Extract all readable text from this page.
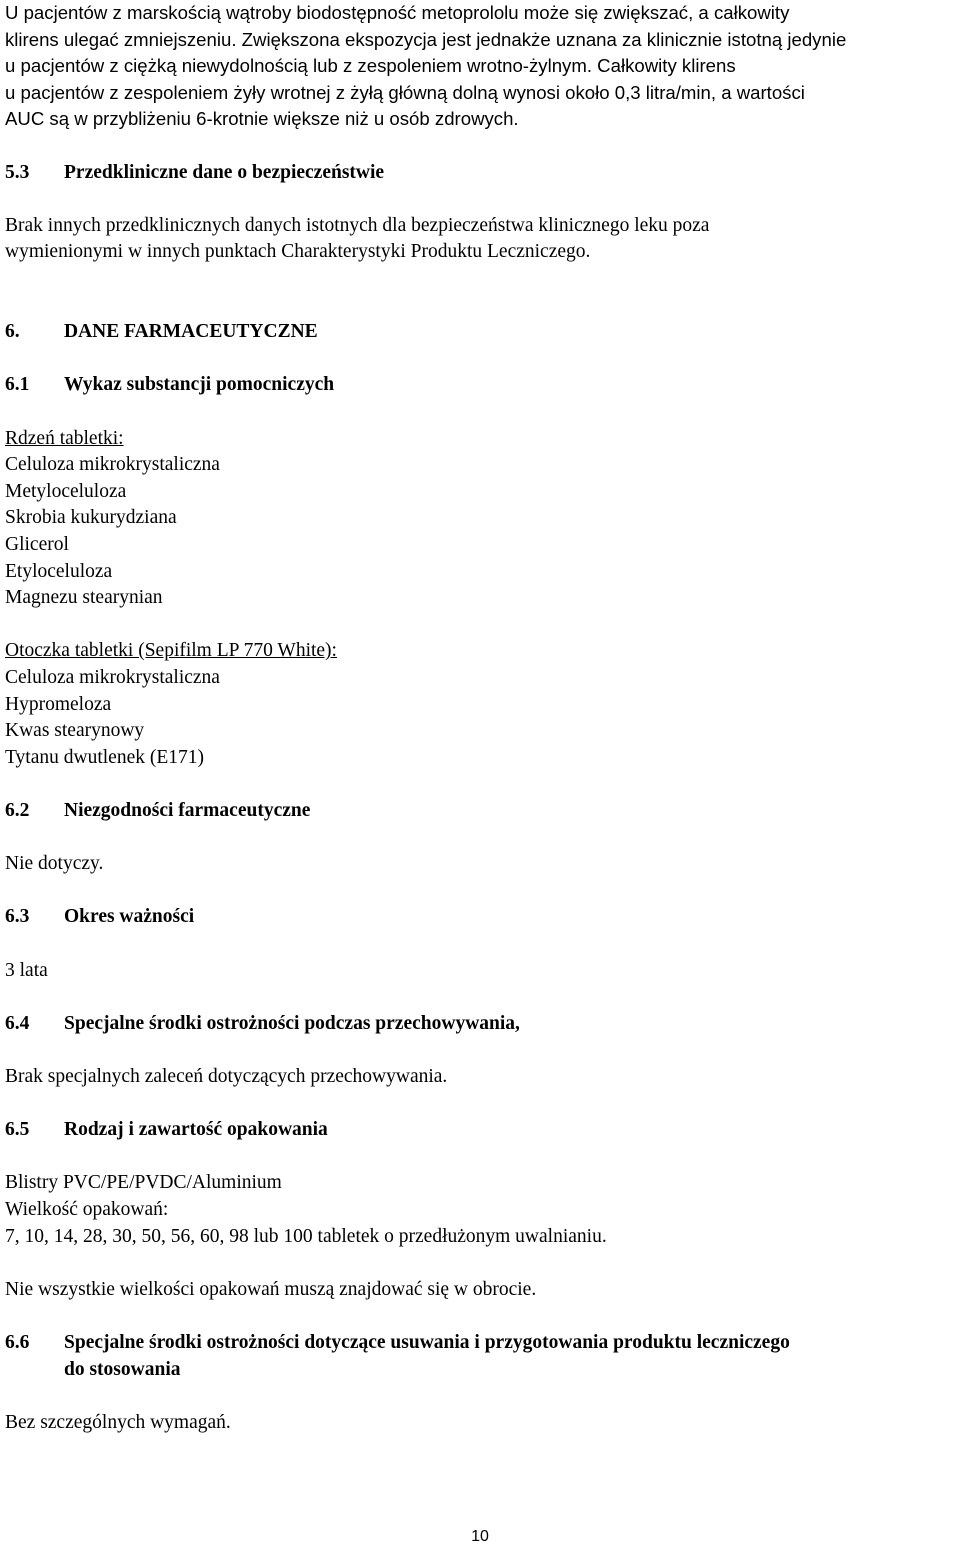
U pacjentów z marskością wątroby biodostępność metoprololu może się zwiększać, a całkowity
klirens ulegać zmniejszeniu. Zwiększona ekspozycja jest jednakże uznana za klinicznie istotną jedynie
u pacjentów z ciężką niewydolnością lub z zespoleniem wrotno-żylnym. Całkowity klirens
u pacjentów z zespoleniem żyły wrotnej z żyłą główną dolną wynosi około 0,3 litra/min, a wartości
AUC są w przybliżeniu 6-krotnie większe niż u osób zdrowych.
5.3 Przedkliniczne dane o bezpieczeństwie
Brak innych przedklinicznych danych istotnych dla bezpieczeństwa klinicznego leku poza
wymienionymi w innych punktach Charakterystyki Produktu Leczniczego.
6. DANE FARMACEUTYCZNE
6.1 Wykaz substancji pomocniczych
Rdzeń tabletki:
Celuloza mikrokrystaliczna
Metyloceluloza
Skrobia kukurydziana
Glicerol
Etyloceluloza
Magnezu stearynian
Otoczka tabletki (Sepifilm LP 770 White):
Celuloza mikrokrystaliczna
Hypromeloza
Kwas stearynowy
Tytanu dwutlenek (E171)
6.2 Niezgodności farmaceutyczne
Nie dotyczy.
6.3 Okres ważności
3 lata
6.4 Specjalne środki ostrożności podczas przechowywania,
Brak specjalnych zaleceń dotyczących przechowywania.
6.5 Rodzaj i zawartość opakowania
Blistry PVC/PE/PVDC/Aluminium
Wielkość opakowań:
7, 10, 14, 28, 30, 50, 56, 60, 98 lub 100 tabletek o przedłużonym uwalnianiu.
Nie wszystkie wielkości opakowań muszą znajdować się w obrocie.
6.6 Specjalne środki ostrożności dotyczące usuwania i przygotowania produktu leczniczego
do stosowania
Bez szczególnych wymagań.
10
